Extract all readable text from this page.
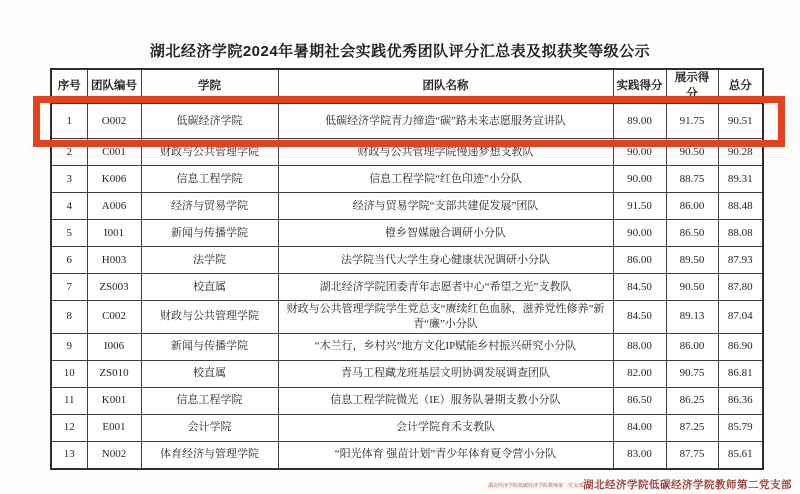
湖北经济学院2024年暑期社会实践优秀团队评分汇总表及拟获奖等级公示
序号	团队编号	学院	团队名称	实践得分	展示得分	总分
1	O002	低碳经济学院	低碳经济学院青力缔造“碳”路未来志愿服务宣讲队	89.00	91.75	90.51
2	C001	财政与公共管理学院	财政与公共管理学院慢递梦想支教队	90.00	90.50	90.28
3	K006	信息工程学院	信息工程学院“红色印迹”小分队	90.00	88.75	89.31
4	A006	经济与贸易学院	经济与贸易学院“支部共建促发展”团队	91.50	86.00	88.48
5	I001	新闻与传播学院	橙乡智媒融合调研小分队	90.00	86.50	88.08
6	H003	法学院	法学院当代大学生身心健康状况调研小分队	86.00	89.50	87.93
7	ZS003	校直属	湖北经济学院团委青年志愿者中心“希望之光”支教队	84.50	90.50	87.80
8	C002	财政与公共管理学院	财政与公共管理学院学生党总支“赓续红色血脉，滋养党性修养”新青“廉”小分队	84.50	89.13	87.04
9	I006	新闻与传播学院	“木兰行，乡村兴”地方文化IP赋能乡村振兴研究小分队	88.00	86.00	86.90
10	ZS010	校直属	青马工程藏龙班基层文明协调发展调查团队	82.00	90.75	86.81
11	K001	信息工程学院	信息工程学院微光（IE）服务队暑期支教小分队	86.50	86.25	86.36
12	E001	会计学院	会计学院育禾支教队	84.00	87.25	85.79
13	N002	体育经济与管理学院	“阳光体育 强苗计划”青少年体育夏令营小分队	83.00	87.75	85.61
湖北经济学院低碳经济学院教师第二党支部湖北经济学院低碳经济学院教师第二党支部
